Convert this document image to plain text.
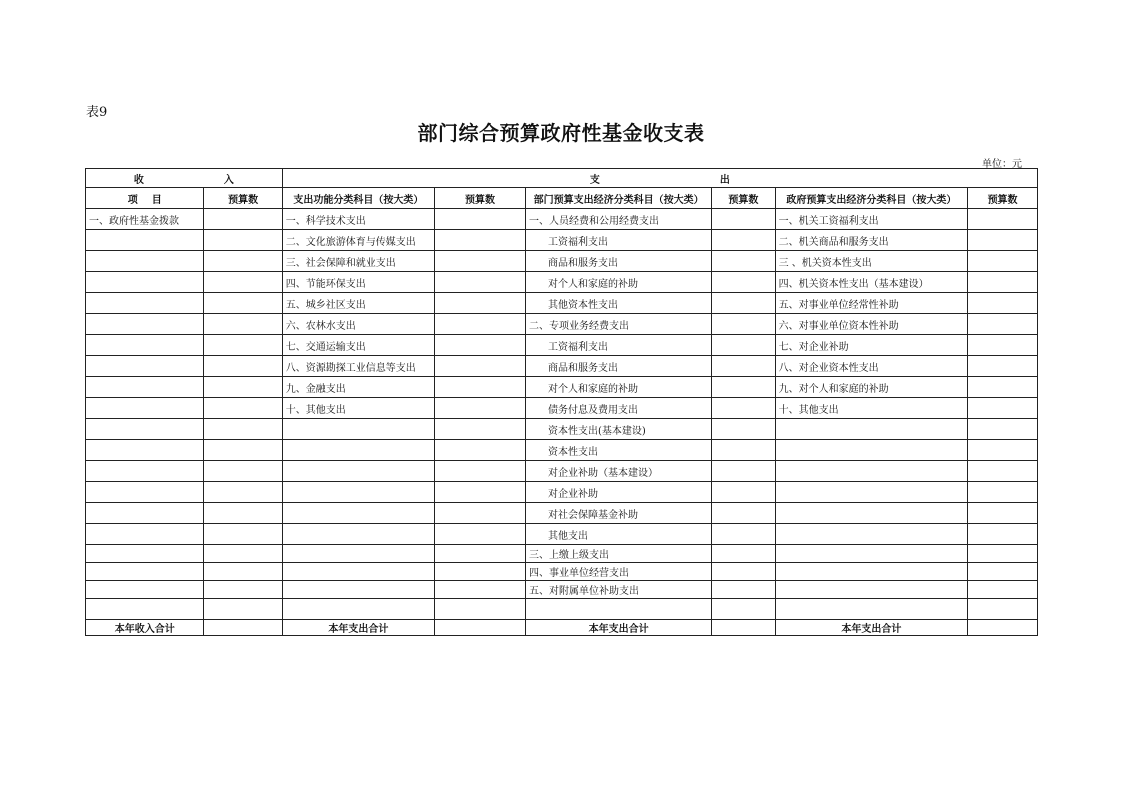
表9
部门综合预算政府性基金收支表
单位：元
收 入		支 出					
项 目	预算数	支出功能分类科目（按大类）	预算数	部门预算支出经济分类科目（按大类）	预算数	政府预算支出经济分类科目（按大类）	预算数
一、政府性基金拨款		一、科学技术支出		一、人员经费和公用经费支出		一、机关工资福利支出	
		二、文化旅游体育与传媒支出		工资福利支出		二、机关商品和服务支出	
		三、社会保障和就业支出		商品和服务支出		三 、机关资本性支出	
		四、节能环保支出		对个人和家庭的补助		四、机关资本性支出（基本建设）	
		五、城乡社区支出		其他资本性支出		五、对事业单位经常性补助	
		六、农林水支出		二、专项业务经费支出		六、对事业单位资本性补助	
		七、交通运输支出		工资福利支出		七、对企业补助	
		八、资源勘探工业信息等支出		商品和服务支出		八、对企业资本性支出	
		九、金融支出		对个人和家庭的补助		九、对个人和家庭的补助	
		十、其他支出		债务付息及费用支出		十、其他支出	
				资本性支出(基本建设)			
				资本性支出			
				对企业补助（基本建设）			
				对企业补助			
				对社会保障基金补助			
				其他支出			
				三、上缴上级支出			
				四、事业单位经营支出			
				五、对附属单位补助支出			

本年收入合计		本年支出合计		本年支出合计		本年支出合计	
